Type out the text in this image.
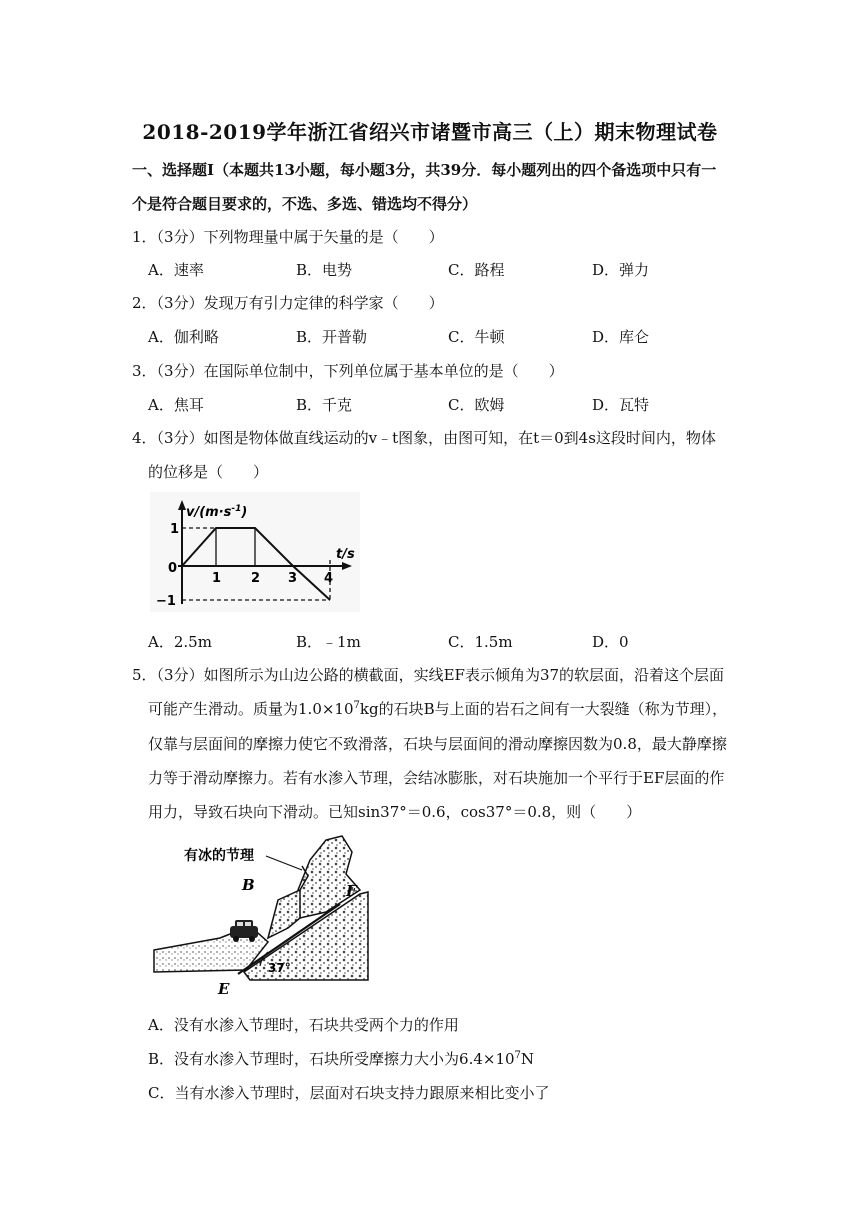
2018-2019学年浙江省绍兴市诸暨市高三（上）期末物理试卷
一、选择题I（本题共13小题，每小题3分，共39分．每小题列出的四个备选项中只有一
个是符合题目要求的，不选、多选、错选均不得分）
1．（3分）下列物理量中属于矢量的是（　　）
A．速率	B．电势	C．路程	D．弹力
2．（3分）发现万有引力定律的科学家（　　）
A．伽利略	B．开普勒	C．牛顿	D．库仑
3．（3分）在国际单位制中，下列单位属于基本单位的是（　　）
A．焦耳	B．千克	C．欧姆	D．瓦特
4．（3分）如图是物体做直线运动的v﹣t图象，由图可知，在t＝0到4s这段时间内，物体
的位移是（　　）
$v/(m\cdot s^{-1})$
t/s
1
0
−1
1 2 3 4
A．2.5m	B．﹣1m	C．1.5m	D．0
5．（3分）如图所示为山边公路的横截面，实线EF表示倾角为37的软层面，沿着这个层面
可能产生滑动。质量为$1.0\times 10^7kg$的石块B与上面的岩石之间有一大裂缝（称为节理），
仅靠与层面间的摩擦力使它不致滑落，石块与层面间的滑动摩擦因数为0.8，最大静摩擦
力等于滑动摩擦力。若有水渗入节理，会结冰膨胀，对石块施加一个平行于EF层面的作
用力，导致石块向下滑动。已知sin37°＝0.6，cos37°＝0.8，则（　　）
有冰的节理
B
E
F
37°
A．没有水渗入节理时，石块共受两个力的作用
B．没有水渗入节理时，石块所受摩擦力大小为$6.4\times 10^7N$
C．当有水渗入节理时，层面对石块支持力跟原来相比变小了
